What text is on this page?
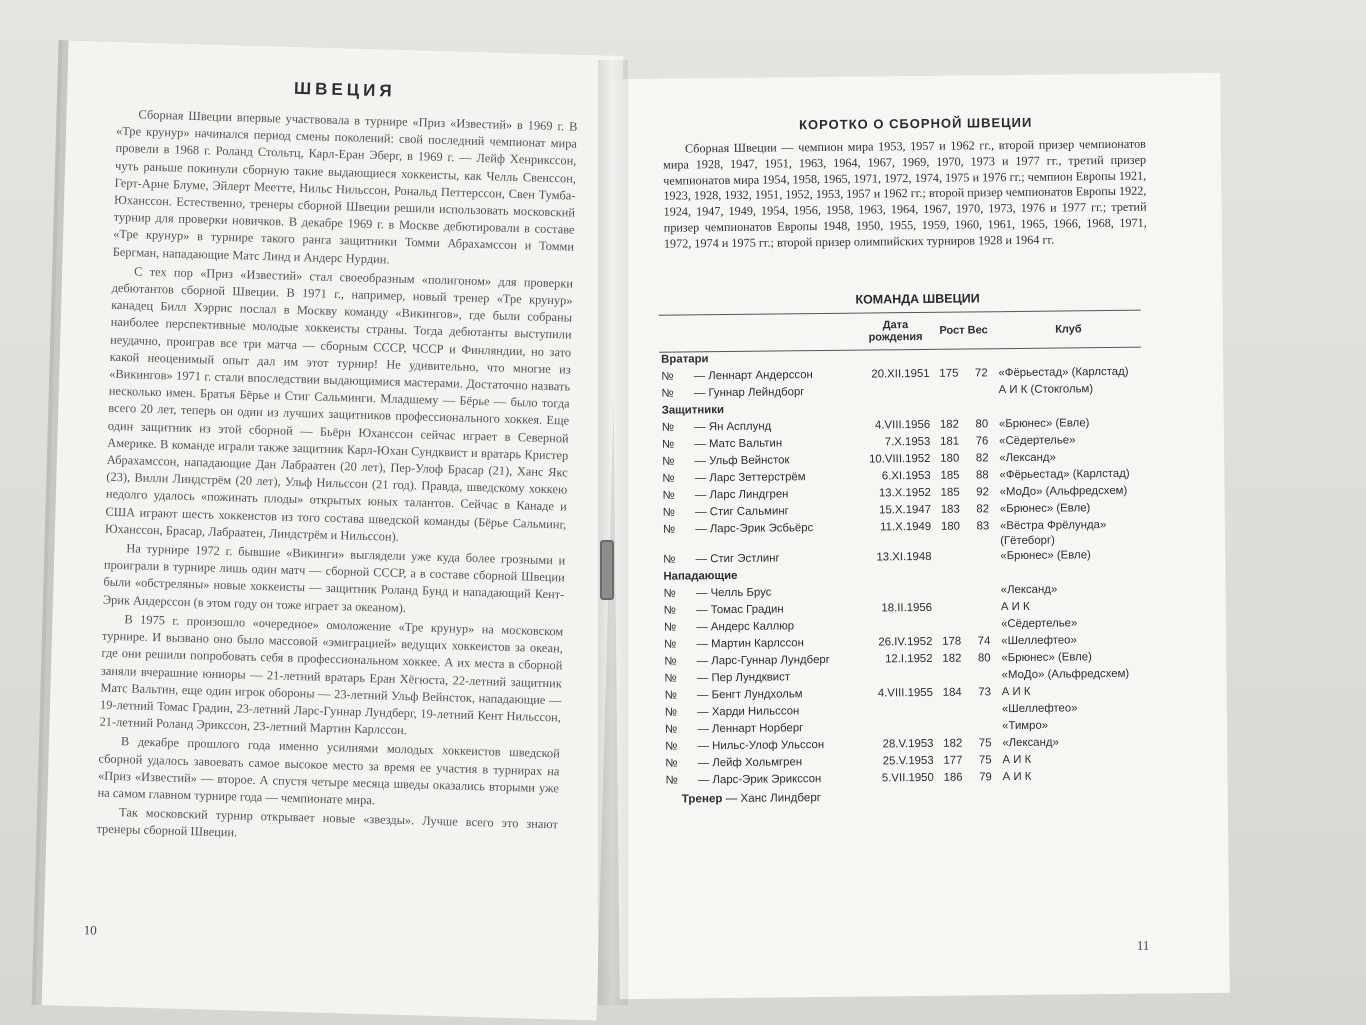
ШВЕЦИЯ

Сборная Швеции впервые участвовала в турнире «Приз «Известий» в 1969 г. В «Тре крунур» начинался период смены поколений: свой последний чемпионат мира провели в 1968 г. Роланд Стольтц, Карл-Еран Эберг, в 1969 г. — Лейф Хенрикссон, чуть раньше покинули сборную такие выдающиеся хоккеисты, как Челль Свенссон, Герт-Арне Блуме, Эйлерт Меетте, Нильс Нильссон, Рональд Петтерссон, Свен Тумба-Юханссон. Естественно, тренеры сборной Швеции решили использовать московский турнир для проверки новичков. В декабре 1969 г. в Москве дебютировали в составе «Тре крунур» в турнире такого ранга защитники Томми Абрахамссон и Томми Бергман, нападающие Матс Линд и Андерс Нурдин.

С тех пор «Приз «Известий» стал своеобразным «полигоном» для проверки дебютантов сборной Швеции. В 1971 г., например, новый тренер «Тре крунур» канадец Билл Хэррис послал в Москву команду «Викингов», где были собраны наиболее перспективные молодые хоккеисты страны. Тогда дебютанты выступили неудачно, проиграв все три матча — сборным СССР, ЧССР и Финляндии, но зато какой неоценимый опыт дал им этот турнир! Не удивительно, что многие из «Викингов» 1971 г. стали впоследствии выдающимися мастерами. Достаточно назвать несколько имен. Братья Бёрье и Стиг Сальминги. Младшему — Бёрье — было тогда всего 20 лет, теперь он один из лучших защитников профессионального хоккея. Еще один защитник из этой сборной — Бьёрн Юханссон сейчас играет в Северной Америке. В команде играли также защитник Карл-Юхан Сундквист и вратарь Кристер Абрахамссон, нападающие Дан Лабраатен (20 лет), Пер-Улоф Брасар (21), Ханс Якс (23), Вилли Линдстрём (20 лет), Ульф Нильссон (21 год). Правда, шведскому хоккею недолго удалось «пожинать плоды» открытых юных талантов. Сейчас в Канаде и США играют шесть хоккеистов из того состава шведской команды (Бёрье Сальминг, Юханссон, Брасар, Лабраатен, Линдстрём и Нильссон).

На турнире 1972 г. бывшие «Викинги» выглядели уже куда более грозными и проиграли в турнире лишь один матч — сборной СССР, а в составе сборной Швеции были «обстреляны» новые хоккеисты — защитник Роланд Бунд и нападающий Кент-Эрик Андерссон (в этом году он тоже играет за океаном).

В 1975 г. произошло «очередное» омоложение «Тре крунур» на московском турнире. И вызвано оно было массовой «эмиграцией» ведущих хоккеистов за океан, где они решили попробовать себя в профессиональном хоккее. А их места в сборной заняли вчерашние юниоры — 21-летний вратарь Еран Хёгюста, 22-летний защитник Матс Вальтин, еще один игрок обороны — 23-летний Ульф Вейнсток, нападающие — 19-летний Томас Градин, 23-летний Ларс-Гуннар Лундберг, 19-летний Кент Нильссон, 21-летний Роланд Эрикссон, 23-летний Мартин Карлссон.

В декабре прошлого года именно усилиями молодых хоккеистов шведской сборной удалось завоевать самое высокое место за время ее участия в турнирах на «Приз «Известий» — второе. А спустя четыре месяца шведы оказались вторыми уже на самом главном турнире года — чемпионате мира.

Так московский турнир открывает новые «звезды». Лучше всего это знают тренеры сборной Швеции.

10
КОРОТКО О СБОРНОЙ ШВЕЦИИ

Сборная Швеции — чемпион мира 1953, 1957 и 1962 гг., второй призер чемпионатов мира 1928, 1947, 1951, 1963, 1964, 1967, 1969, 1970, 1973 и 1977 гг., третий призер чемпионатов мира 1954, 1958, 1965, 1971, 1972, 1974, 1975 и 1976 гг.; чемпион Европы 1921, 1923, 1928, 1932, 1951, 1952, 1953, 1957 и 1962 гг.; второй призер чемпионатов Европы 1922, 1924, 1947, 1949, 1954, 1956, 1958, 1963, 1964, 1967, 1970, 1973, 1976 и 1977 гг.; третий призер чемпионатов Европы 1948, 1950, 1955, 1959, 1960, 1961, 1965, 1966, 1968, 1971, 1972, 1974 и 1975 гг.; второй призер олимпийских турниров 1928 и 1964 гг.

КОМАНДА ШВЕЦИИ
		Дата рождения	Рост Вес		Клуб
Вратари					
№	— Леннарт Андерссон	20.XII.1951	175	72	«Фёрьестад» (Карлстад)
№	— Гуннар Лейндборг				А И К (Стокгольм)
Защитники					
№	— Ян Асплунд	4.VIII.1956	182	80	«Брюнес» (Евле)
№	— Матс Вальтин	7.X.1953	181	76	«Сёдертелье»
№	— Ульф Вейнсток	10.VIII.1952	180	82	«Лександ»
№	— Ларс Зеттерстрём	6.XI.1953	185	88	«Фёрьестад» (Карлстад)
№	— Ларс Линдгрен	13.X.1952	185	92	«МоДо» (Альфредсхем)
№	— Стиг Сальминг	15.X.1947	183	82	«Брюнес» (Евле)
№	— Ларс-Эрик Эсбьёрс	11.X.1949	180	83	«Вёстра Фрёлунда» (Гётеборг)
№	— Стиг Эстлинг	13.XI.1948			«Брюнес» (Евле)
Нападающие					
№	— Челль Брус				«Лександ»
№	— Томас Градин	18.II.1956			А И К
№	— Андерс Каллюр				«Сёдертелье»
№	— Мартин Карлссон	26.IV.1952	178	74	«Шеллефтео»
№	— Ларс-Гуннар Лундберг	12.I.1952	182	80	«Брюнес» (Евле)
№	— Пер Лундквист				«МоДо» (Альфредсхем)
№	— Бенгт Лундхольм	4.VIII.1955	184	73	А И К
№	— Харди Нильссон				«Шеллефтео»
№	— Леннарт Норберг				«Тимро»
№	— Нильс-Улоф Ульссон	28.V.1953	182	75	«Лександ»
№	— Лейф Хольмгрен	25.V.1953	177	75	А И К
№	— Ларс-Эрик Эрикссон	5.VII.1950	186	79	А И К
Тренер — Ханс Линдберг
11
